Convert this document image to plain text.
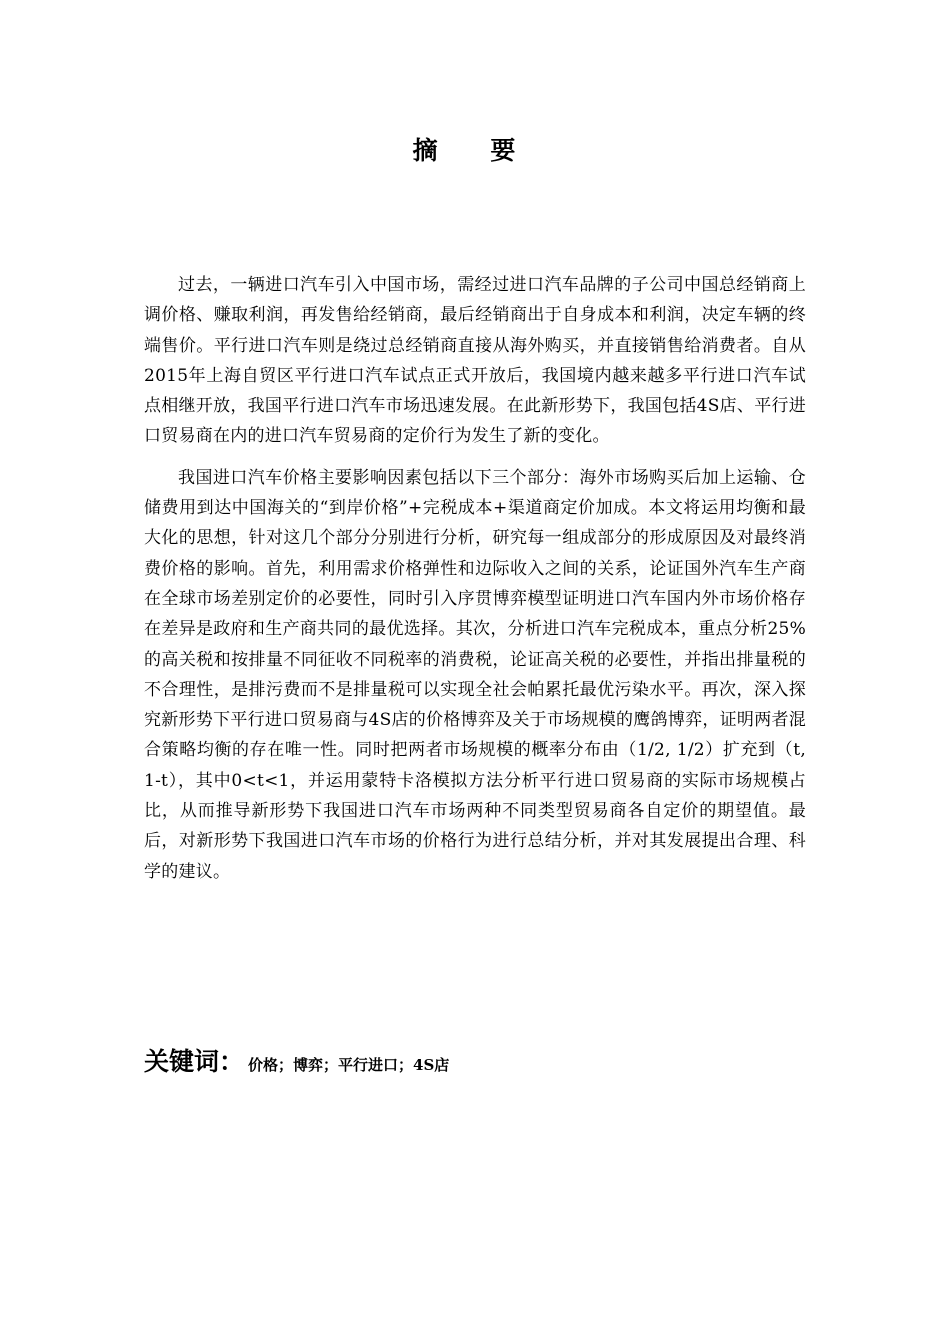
摘 要

过去，一辆进口汽车引入中国市场，需经过进口汽车品牌的子公司中国总经销商上调价格、赚取利润，再发售给经销商，最后经销商出于自身成本和利润，决定车辆的终端售价。平行进口汽车则是绕过总经销商直接从海外购买，并直接销售给消费者。自从2015年上海自贸区平行进口汽车试点正式开放后，我国境内越来越多平行进口汽车试点相继开放，我国平行进口汽车市场迅速发展。在此新形势下，我国包括4S店、平行进口贸易商在内的进口汽车贸易商的定价行为发生了新的变化。

我国进口汽车价格主要影响因素包括以下三个部分：海外市场购买后加上运输、仓储费用到达中国海关的“到岸价格”+完税成本+渠道商定价加成。本文将运用均衡和最大化的思想，针对这几个部分分别进行分析，研究每一组成部分的形成原因及对最终消费价格的影响。首先，利用需求价格弹性和边际收入之间的关系，论证国外汽车生产商在全球市场差别定价的必要性，同时引入序贯博弈模型证明进口汽车国内外市场价格存在差异是政府和生产商共同的最优选择。其次，分析进口汽车完税成本，重点分析25%的高关税和按排量不同征收不同税率的消费税，论证高关税的必要性，并指出排量税的不合理性，是排污费而不是排量税可以实现全社会帕累托最优污染水平。再次，深入探究新形势下平行进口贸易商与4S店的价格博弈及关于市场规模的鹰鸽博弈，证明两者混合策略均衡的存在唯一性。同时把两者市场规模的概率分布由（1/2, 1/2）扩充到（t, 1-t），其中0<t<1，并运用蒙特卡洛模拟方法分析平行进口贸易商的实际市场规模占比，从而推导新形势下我国进口汽车市场两种不同类型贸易商各自定价的期望值。最后，对新形势下我国进口汽车市场的价格行为进行总结分析，并对其发展提出合理、科学的建议。

关键词： 价格；博弈；平行进口；4S店
